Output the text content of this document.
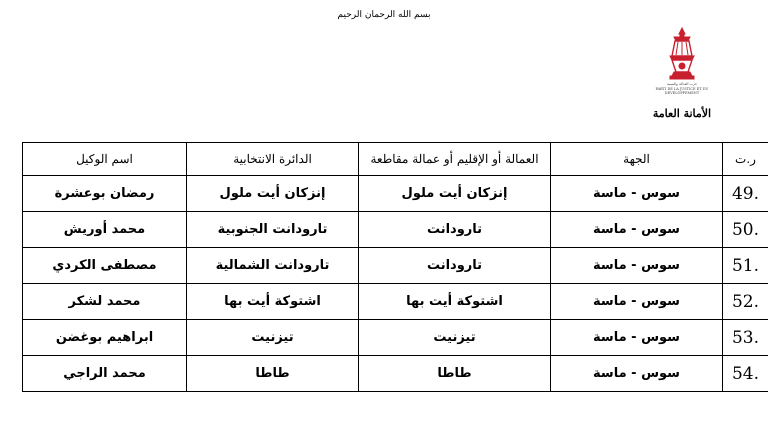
بسم الله الرحمان الرحيم
حزب العدالة والتنمية
PARTI DE LA JUSTICE ET DU DEVELOPPEMENT
الأمانة العامة
ر.ت	الجهة	العمالة أو الإقليم أو عمالة مقاطعة	الدائرة الانتخابية	اسم الوكيل
.49	سوس - ماسة	إنزكان أيت ملول	إنزكان أيت ملول	رمضان بوعشرة
.50	سوس - ماسة	تارودانت	تارودانت الجنوبية	محمد أوريش
.51	سوس - ماسة	تارودانت	تارودانت الشمالية	مصطفى الكردي
.52	سوس - ماسة	اشتوكة أيت بها	اشتوكة أيت بها	محمد لشكر
.53	سوس - ماسة	تيزنيت	تيزنيت	ابراهيم بوغضن
.54	سوس - ماسة	طاطا	طاطا	محمد الراجي
